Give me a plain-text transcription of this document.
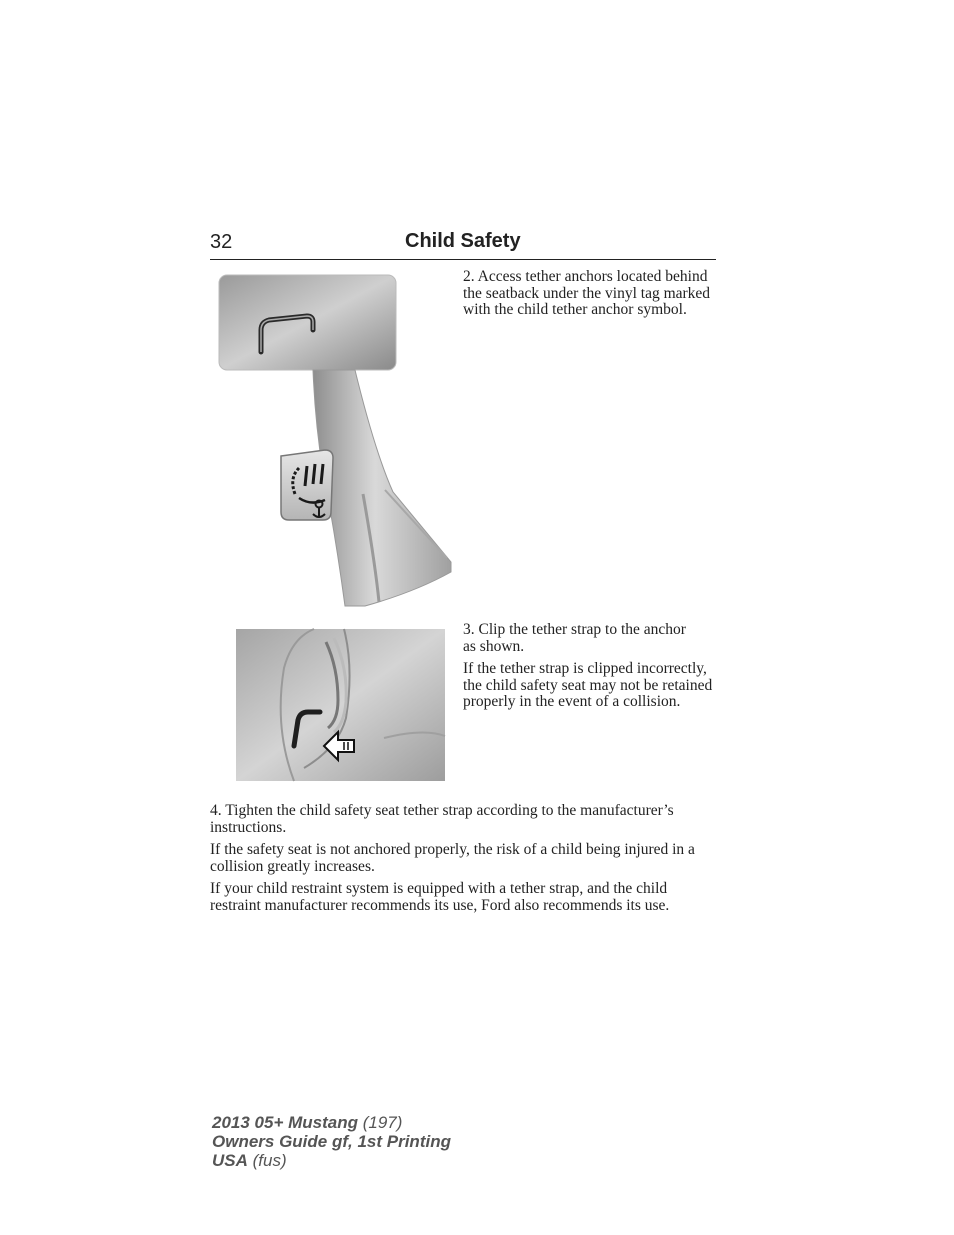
32	Child Safety

2. Access tether anchors located behind the seatback under the vinyl tag marked with the child tether anchor symbol.

3. Clip the tether strap to the anchor as shown.

If the tether strap is clipped incorrectly, the child safety seat may not be retained properly in the event of a collision.

4. Tighten the child safety seat tether strap according to the manufacturer’s instructions.

If the safety seat is not anchored properly, the risk of a child being injured in a collision greatly increases.

If your child restraint system is equipped with a tether strap, and the child restraint manufacturer recommends its use, Ford also recommends its use.

2013 05+ Mustang (197)
Owners Guide gf, 1st Printing
USA (fus)
